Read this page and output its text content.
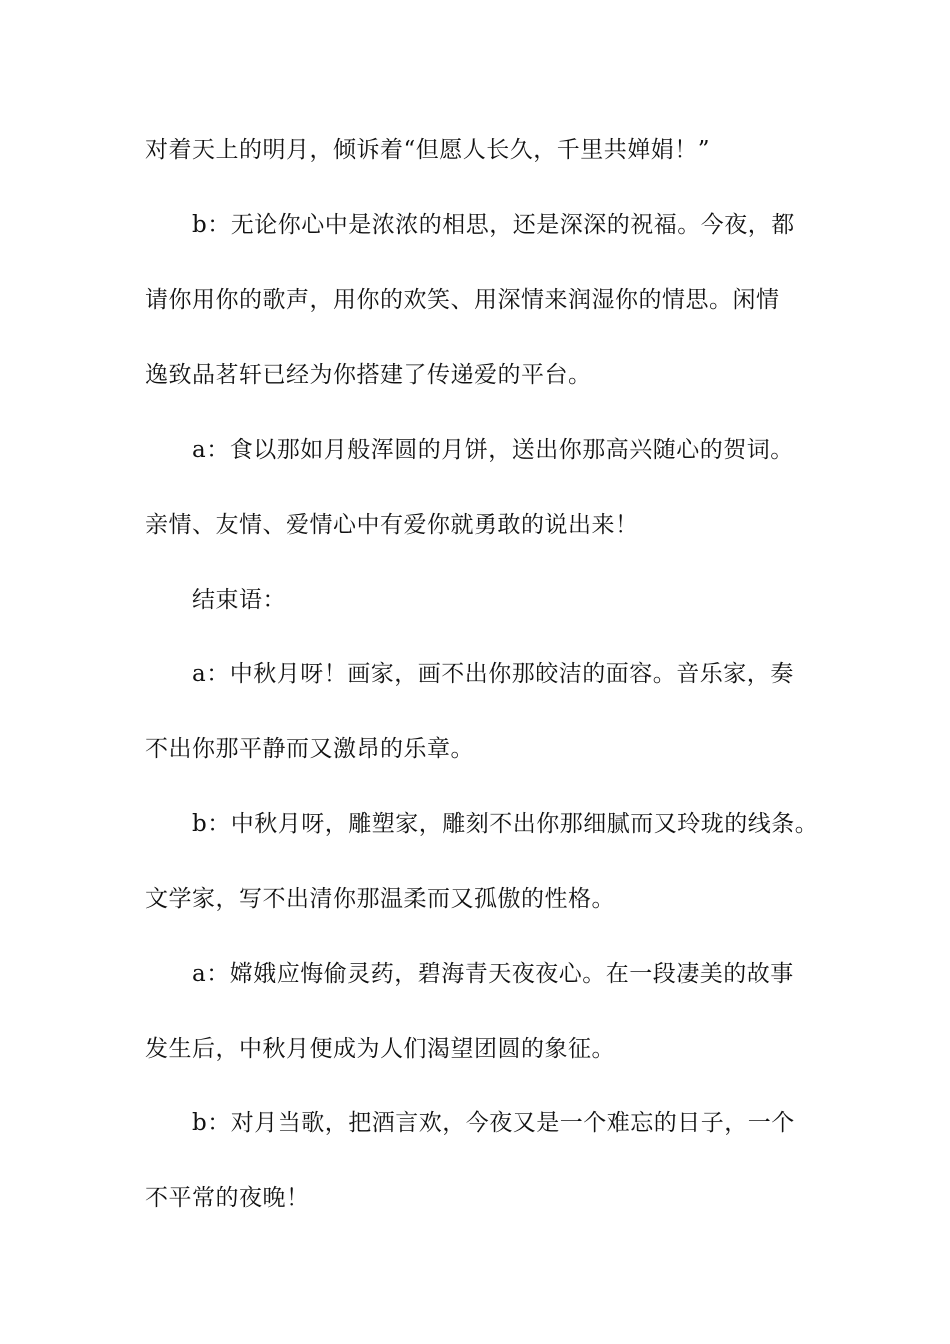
对着天上的明月，倾诉着“但愿人长久，千里共婵娟！”
b：无论你心中是浓浓的相思，还是深深的祝福。今夜，都
请你用你的歌声，用你的欢笑、用深情来润湿你的情思。闲情
逸致品茗轩已经为你搭建了传递爱的平台。
a：食以那如月般浑圆的月饼，送出你那高兴随心的贺词。
亲情、友情、爱情心中有爱你就勇敢的说出来！
结束语：
a：中秋月呀！画家，画不出你那皎洁的面容。音乐家，奏
不出你那平静而又激昂的乐章。
b：中秋月呀，雕塑家，雕刻不出你那细腻而又玲珑的线条。
文学家，写不出清你那温柔而又孤傲的性格。
a：嫦娥应悔偷灵药，碧海青天夜夜心。在一段凄美的故事
发生后，中秋月便成为人们渴望团圆的象征。
b：对月当歌，把酒言欢，今夜又是一个难忘的日子，一个
不平常的夜晚！
